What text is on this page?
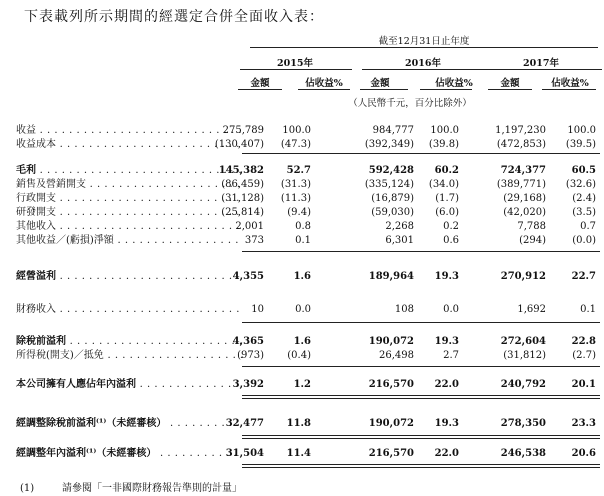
下表載列所示期間的經選定合併全面收入表：
截至12月31日止年度
2015年	2016年	2017年
金額	佔收益%	金額	佔收益%	金額	佔收益%
（人民幣千元，百分比除外）
收益 . . .	275,789 100.0	984,777 100.0	1,197,230 100.0
收益成本 . . .	(130,407) (47.3)	(392,349) (39.8)	(472,853) (39.5)
毛利 . . .	145,382 52.7	592,428 60.2	724,377	60.5
銷售及營銷開支 . . .	(86,459) (31.3)	(335,124) (34.0)	(389,771) (32.6)
行政開支 . . .	(31,128) (11.3)	(16,879) (1.7)	(29,168)	(2.4)
研發開支 . . .	(25,814) (9.4)	(59,030) (6.0)	(42,020)	(3.5)
其他收入 . . .	2,001	0.8	2,268	0.2	7,788	0.7
其他收益／(虧損)淨額 . . .	373	0.1	6,301	0.6	(294)	(0.0)
經營溢利 . . .	4,355	1.6	189,964 19.3	270,912	22.7
財務收入 . . .	10	0.0	108	0.0	1,692	0.1
除稅前溢利 . . .	4,365	1.6	190,072 19.3	272,604	22.8
所得稅(開支)／抵免 . . .	(973) (0.4)	26,498	2.7	(31,812)	(2.7)
本公司擁有人應佔年內溢利 . . .	3,392	1.2	216,570 22.0	240,792	20.1
經調整除稅前溢利⁽¹⁾（未經審核） . . .	32,477 11.8	190,072 19.3	278,350	23.3
經調整年內溢利⁽¹⁾（未經審核） . . .	31,504 11.4	216,570 22.0	246,538	20.6
(1)	請參閱「一非國際財務報告準則的計量」
